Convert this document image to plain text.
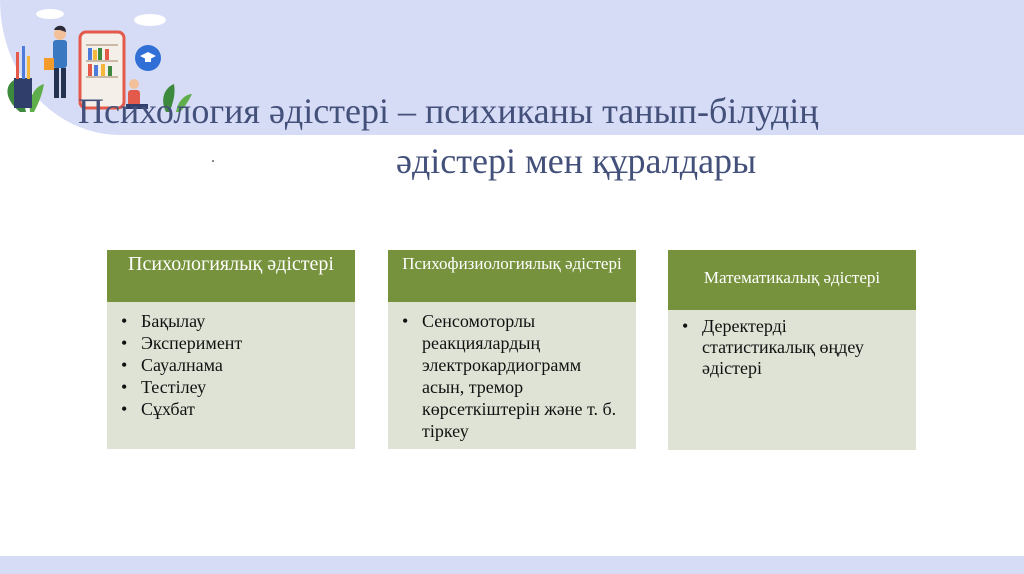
Психология әдістері – психиканы танып-білудің
әдістері мен құралдары
Психологиялық әдістері
• Бақылау
• Эксперимент
• Сауалнама
• Тестілеу
• Сұхбат
Психофизиологиялық әдістері
• Сенсомоторлы реакциялардың электрокардиограмм асын, тремор көрсеткіштерін және т. б. тіркеу
Математикалық әдістері
• Деректерді статистикалық өңдеу әдістері
